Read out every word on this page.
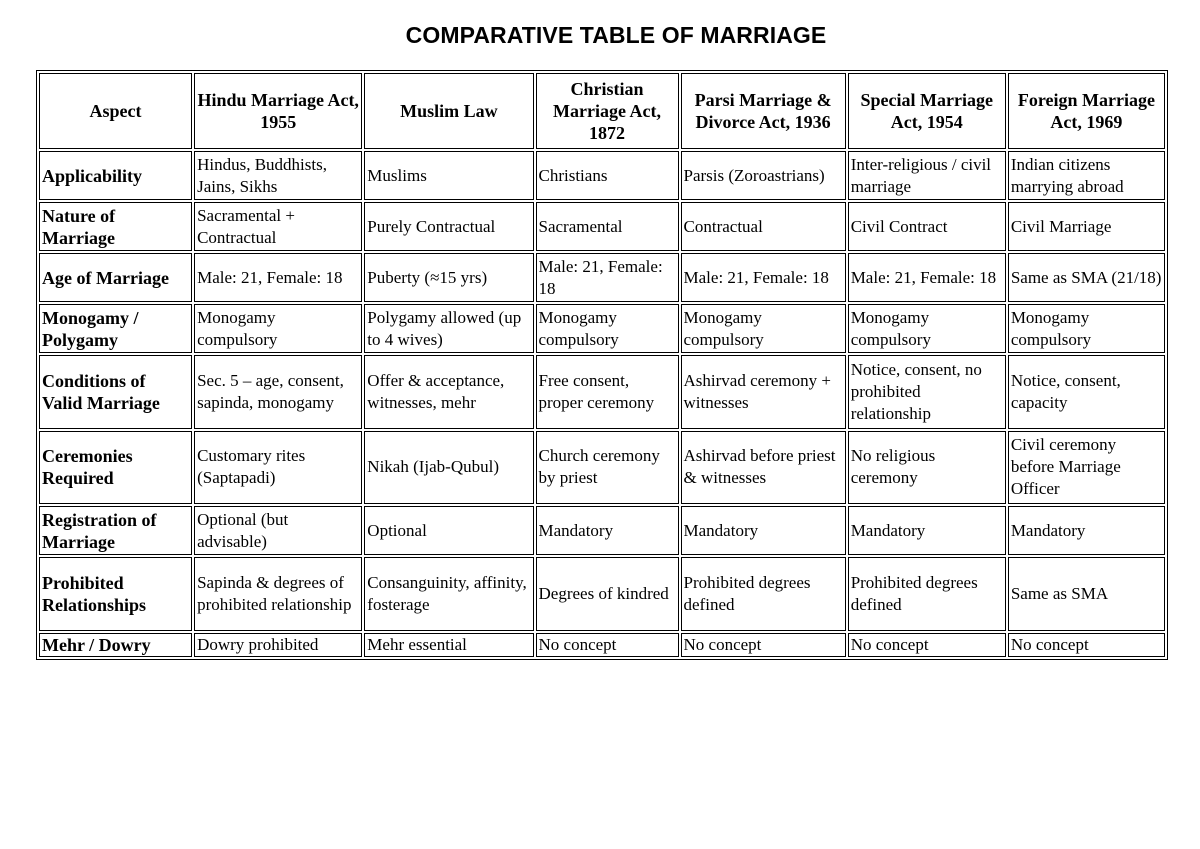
COMPARATIVE TABLE OF MARRIAGE
Aspect	Hindu Marriage Act, 1955	Muslim Law	Christian Marriage Act, 1872	Parsi Marriage & Divorce Act, 1936	Special Marriage Act, 1954	Foreign Marriage Act, 1969
Applicability	Hindus, Buddhists, Jains, Sikhs	Muslims	Christians	Parsis (Zoroastrians)	Inter-religious / civil marriage	Indian citizens marrying abroad
Nature of Marriage	Sacramental + Contractual	Purely Contractual	Sacramental	Contractual	Civil Contract	Civil Marriage
Age of Marriage	Male: 21, Female: 18	Puberty (≈15 yrs)	Male: 21, Female: 18	Male: 21, Female: 18	Male: 21, Female: 18	Same as SMA (21/18)
Monogamy / Polygamy	Monogamy compulsory	Polygamy allowed (up to 4 wives)	Monogamy compulsory	Monogamy compulsory	Monogamy compulsory	Monogamy compulsory
Conditions of Valid Marriage	Sec. 5 – age, consent, sapinda, monogamy	Offer & acceptance, witnesses, mehr	Free consent, proper ceremony	Ashirvad ceremony + witnesses	Notice, consent, no prohibited relationship	Notice, consent, capacity
Ceremonies Required	Customary rites (Saptapadi)	Nikah (Ijab-Qubul)	Church ceremony by priest	Ashirvad before priest & witnesses	No religious ceremony	Civil ceremony before Marriage Officer
Registration of Marriage	Optional (but advisable)	Optional	Mandatory	Mandatory	Mandatory	Mandatory
Prohibited Relationships	Sapinda & degrees of prohibited relationship	Consanguinity, affinity, fosterage	Degrees of kindred	Prohibited degrees defined	Prohibited degrees defined	Same as SMA
Mehr / Dowry	Dowry prohibited	Mehr essential	No concept	No concept	No concept	No concept
